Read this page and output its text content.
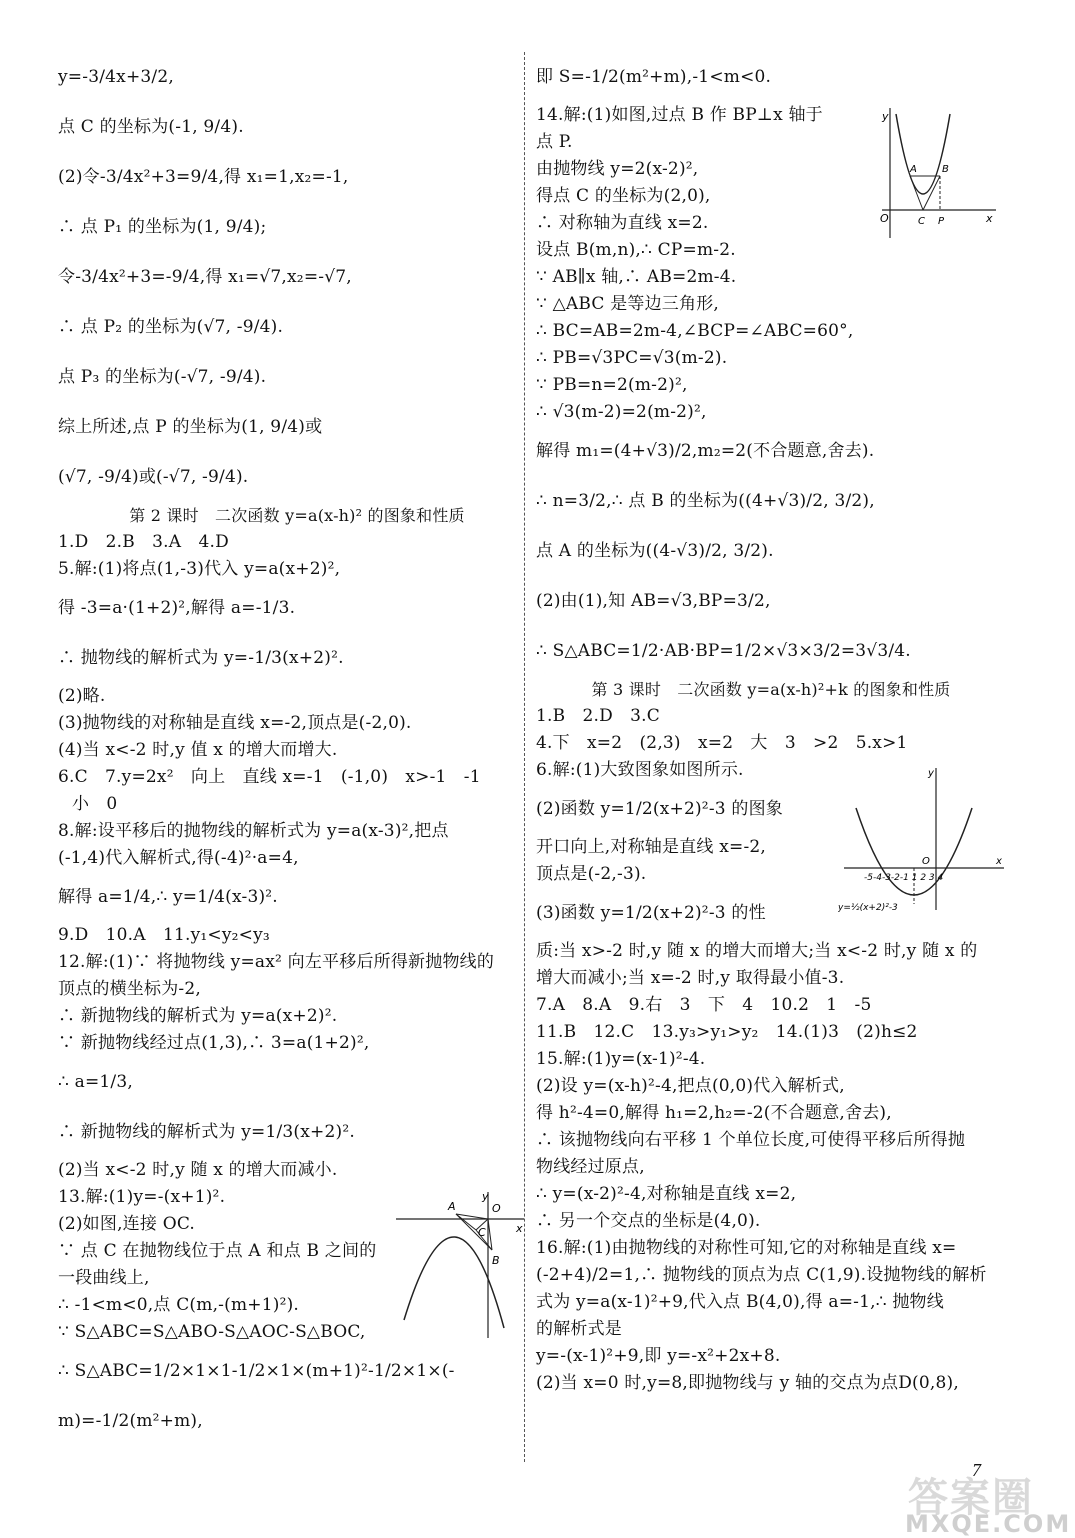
y=-3/4x+3/2,
点 C 的坐标为(-1, 9/4).
(2)令-3/4x²+3=9/4,得 x₁=1,x₂=-1,
∴ 点 P₁ 的坐标为(1, 9/4);
令-3/4x²+3=-9/4,得 x₁=√7,x₂=-√7,
∴ 点 P₂ 的坐标为(√7, -9/4).
点 P₃ 的坐标为(-√7, -9/4).
综上所述,点 P 的坐标为(1, 9/4)或
(√7, -9/4)或(-√7, -9/4).
第 2 课时　二次函数 y=a(x-h)² 的图象和性质
1.D　2.B　3.A　4.D
5.解:(1)将点(1,-3)代入 y=a(x+2)²,
得 -3=a·(1+2)²,解得 a=-1/3.
∴ 抛物线的解析式为 y=-1/3(x+2)².
(2)略.
(3)抛物线的对称轴是直线 x=-2,顶点是(-2,0).
(4)当 x<-2 时,y 值 x 的增大而增大.
6.C　7.y=2x²　向上　直线 x=-1　(-1,0)　x>-1　-1
小　0
8.解:设平移后的抛物线的解析式为 y=a(x-3)²,把点
(-1,4)代入解析式,得(-4)²·a=4,
解得 a=1/4,∴ y=1/4(x-3)².
9.D　10.A　11.y₁<y₂<y₃
12.解:(1)∵ 将抛物线 y=ax² 向左平移后所得新抛物线的
顶点的横坐标为-2,
∴ 新抛物线的解析式为 y=a(x+2)².
∵ 新抛物线经过点(1,3),∴ 3=a(1+2)²,
∴ a=1/3,
∴ 新抛物线的解析式为 y=1/3(x+2)².
(2)当 x<-2 时,y 随 x 的增大而减小.
13.解:(1)y=-(x+1)².
(2)如图,连接 OC.
∵ 点 C 在抛物线位于点 A 和点 B 之间的
一段曲线上,
∴ -1<m<0,点 C(m,-(m+1)²).
∵ S△ABC=S△ABO-S△AOC-S△BOC,
∴ S△ABC=1/2×1×1-1/2×1×(m+1)²-1/2×1×(-m)=-1/2(m²+m),
即 S=-1/2(m²+m),-1<m<0.
14.解:(1)如图,过点 B 作 BP⊥x 轴于
点 P.
由抛物线 y=2(x-2)²,
得点 C 的坐标为(2,0),
∴ 对称轴为直线 x=2.
设点 B(m,n),∴ CP=m-2.
∵ AB∥x 轴,∴ AB=2m-4.
∵ △ABC 是等边三角形,
∴ BC=AB=2m-4,∠BCP=∠ABC=60°,
∴ PB=√3PC=√3(m-2).
∵ PB=n=2(m-2)²,
∴ √3(m-2)=2(m-2)²,
解得 m₁=(4+√3)/2,m₂=2(不合题意,舍去).
∴ n=3/2,∴ 点 B 的坐标为((4+√3)/2, 3/2),
点 A 的坐标为((4-√3)/2, 3/2).
(2)由(1),知 AB=√3,BP=3/2,
∴ S△ABC=1/2·AB·BP=1/2×√3×3/2=3√3/4.
第 3 课时　二次函数 y=a(x-h)²+k 的图象和性质
1.B　2.D　3.C
4.下　x=2　(2,3)　x=2　大　3　>2　5.x>1
6.解:(1)大致图象如图所示.
(2)函数 y=1/2(x+2)²-3 的图象
开口向上,对称轴是直线 x=-2,
顶点是(-2,-3).
(3)函数 y=1/2(x+2)²-3 的性
质:当 x>-2 时,y 随 x 的增大而增大;当 x<-2 时,y 随 x 的
增大而减小;当 x=-2 时,y 取得最小值-3.
7.A　8.A　9.右　3　下　4　10.2　1　-5
11.B　12.C　13.y₃>y₁>y₂　14.(1)3　(2)h≤2
15.解:(1)y=(x-1)²-4.
(2)设 y=(x-h)²-4,把点(0,0)代入解析式,
得 h²-4=0,解得 h₁=2,h₂=-2(不合题意,舍去),
∴ 该抛物线向右平移 1 个单位长度,可使得平移后所得抛
物线经过原点,
∴ y=(x-2)²-4,对称轴是直线 x=2,
∴ 另一个交点的坐标是(4,0).
16.解:(1)由抛物线的对称性可知,它的对称轴是直线 x=
(-2+4)/2=1,∴ 抛物线的顶点为点 C(1,9).设抛物线的解析
式为 y=a(x-1)²+9,代入点 B(4,0),得 a=-1,∴ 抛物线
的解析式是
y=-(x-1)²+9,即 y=-x²+2x+8.
(2)当 x=0 时,y=8,即抛物线与 y 轴的交点为点D(0,8),
y
x
A	O
C
B
y
x
A	B
O	C P
y
x
O
-5-4-3-2-1 1 2 3 4
y=½(x+2)²-3
答案圈
7
MXQE.COM
